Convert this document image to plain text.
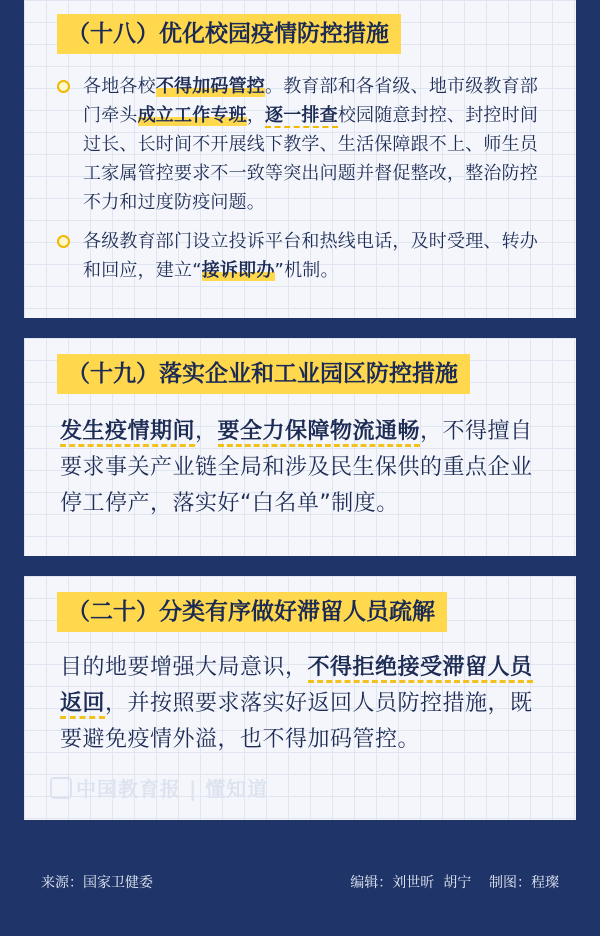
（十八）优化校园疫情防控措施
各地各校不得加码管控。教育部和各省级、地市级教育部门牵头成立工作专班，逐一排查校园随意封控、封控时间过长、长时间不开展线下教学、生活保障跟不上、师生员工家属管控要求不一致等突出问题并督促整改，整治防控不力和过度防疫问题。
各级教育部门设立投诉平台和热线电话，及时受理、转办和回应，建立“接诉即办”机制。
（十九）落实企业和工业园区防控措施

发生疫情期间，要全力保障物流通畅，不得擅自要求事关产业链全局和涉及民生保供的重点企业停工停产，落实好“白名单”制度。

（二十）分类有序做好滞留人员疏解

目的地要增强大局意识，不得拒绝接受滞留人员返回，并按照要求落实好返回人员防控措施，既要避免疫情外溢，也不得加码管控。

中国教育报 | 懂知道
来源：国家卫健委	编辑：刘世昕  胡宁    制图：程璨
